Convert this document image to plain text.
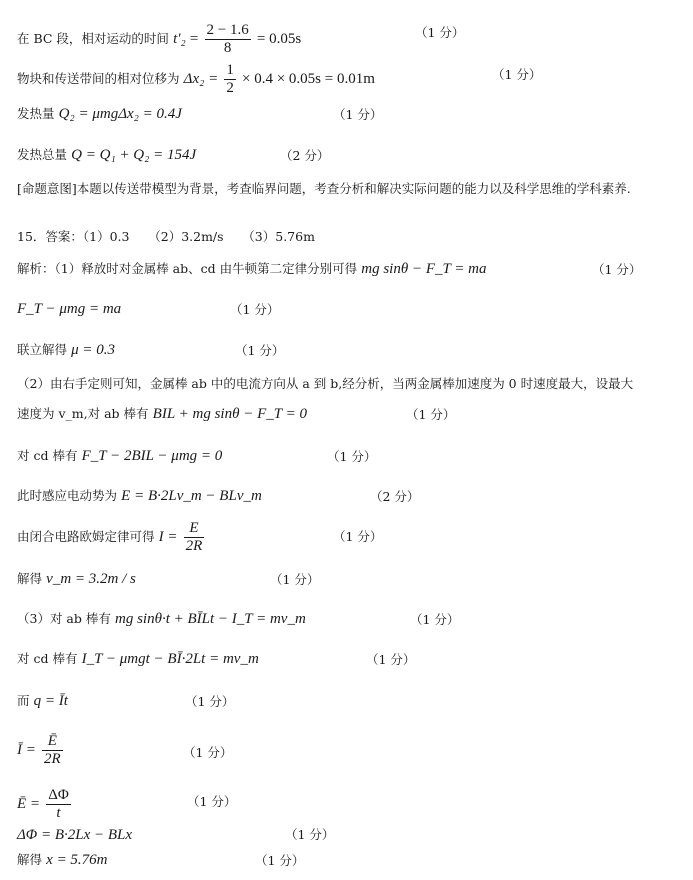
在 BC 段，相对运动的时间 $t'_2 = \frac{2 - 1.6}{8} = 0.05s$	（1 分）
物块和传送带间的相对位移为 $\Delta x_2 = \frac{1}{2} \times 0.4 \times 0.05s = 0.01m$	（1 分）
发热量 Q₂ = μmgΔx₂ = 0.4J	（1 分）
发热总量 Q = Q₁ + Q₂ = 154J	（2 分）
[命题意图]本题以传送带模型为背景，考查临界问题，考查分析和解决实际问题的能力以及科学思维的学科素养.
15．答案：（1）0.3　　（2）3.2m/s　　（3）5.76m
解析：（1）释放时对金属棒 ab、cd 由牛顿第二定律分别可得 mg sinθ − F_T = ma	（1 分）
F_T − μmg = ma	（1 分）
联立解得 μ = 0.3	（1 分）
（2）由右手定则可知，金属棒 ab 中的电流方向从 a 到 b,经分析，当两金属棒加速度为 0 时速度最大，设最大
速度为 v_m,对 ab 棒有 BIL + mg sinθ − F_T = 0	（1 分）
对 cd 棒有 F_T − 2BIL − μmg = 0	（1 分）
此时感应电动势为 E = B·2Lv_m − BLv_m	（2 分）
由闭合电路欧姆定律可得 $I = \frac{E}{2R}$	（1 分）
解得 v_m = 3.2m / s	（1 分）
（3）对 ab 棒有 mg sinθ·t + BĪLt − I_T = mv_m	（1 分）
对 cd 棒有 I_T − μmgt − BĪ·2Lt = mv_m	（1 分）
而 q = Īt	（1 分）
Ī = $\frac{Ē}{2R}$	（1 分）
Ē = $\frac{\Delta\Phi}{t}$	（1 分）
ΔΦ = B·2Lx − BLx	（1 分）
解得 x = 5.76m	（1 分）
